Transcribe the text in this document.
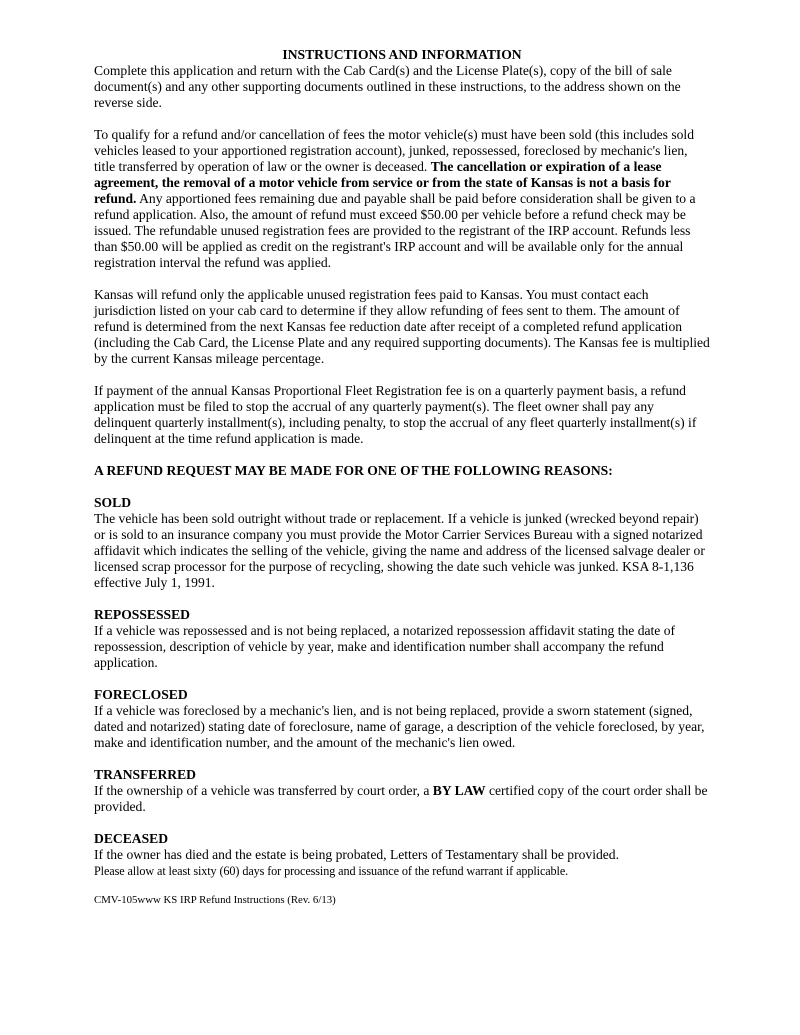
INSTRUCTIONS AND INFORMATION

Complete this application and return with the Cab Card(s) and the License Plate(s), copy of the bill of sale document(s) and any other supporting documents outlined in these instructions, to the address shown on the reverse side.

To qualify for a refund and/or cancellation of fees the motor vehicle(s) must have been sold (this includes sold vehicles leased to your apportioned registration account), junked, repossessed, foreclosed by mechanic's lien, title transferred by operation of law or the owner is deceased. The cancellation or expiration of a lease agreement, the removal of a motor vehicle from service or from the state of Kansas is not a basis for refund. Any apportioned fees remaining due and payable shall be paid before consideration shall be given to a refund application. Also, the amount of refund must exceed $50.00 per vehicle before a refund check may be issued. The refundable unused registration fees are provided to the registrant of the IRP account. Refunds less than $50.00 will be applied as credit on the registrant's IRP account and will be available only for the annual registration interval the refund was applied.

Kansas will refund only the applicable unused registration fees paid to Kansas. You must contact each jurisdiction listed on your cab card to determine if they allow refunding of fees sent to them. The amount of refund is determined from the next Kansas fee reduction date after receipt of a completed refund application (including the Cab Card, the License Plate and any required supporting documents). The Kansas fee is multiplied by the current Kansas mileage percentage.

If payment of the annual Kansas Proportional Fleet Registration fee is on a quarterly payment basis, a refund application must be filed to stop the accrual of any quarterly payment(s). The fleet owner shall pay any delinquent quarterly installment(s), including penalty, to stop the accrual of any fleet quarterly installment(s) if delinquent at the time refund application is made.

A REFUND REQUEST MAY BE MADE FOR ONE OF THE FOLLOWING REASONS:

SOLD
The vehicle has been sold outright without trade or replacement. If a vehicle is junked (wrecked beyond repair) or is sold to an insurance company you must provide the Motor Carrier Services Bureau with a signed notarized affidavit which indicates the selling of the vehicle, giving the name and address of the licensed salvage dealer or licensed scrap processor for the purpose of recycling, showing the date such vehicle was junked. KSA 8-1,136 effective July 1, 1991.
REPOSSESSED
If a vehicle was repossessed and is not being replaced, a notarized repossession affidavit stating the date of repossession, description of vehicle by year, make and identification number shall accompany the refund application.
FORECLOSED
If a vehicle was foreclosed by a mechanic's lien, and is not being replaced, provide a sworn statement (signed, dated and notarized) stating date of foreclosure, name of garage, a description of the vehicle foreclosed, by year, make and identification number, and the amount of the mechanic's lien owed.
TRANSFERRED
If the ownership of a vehicle was transferred by court order, a BY LAW certified copy of the court order shall be provided.
DECEASED
If the owner has died and the estate is being probated, Letters of Testamentary shall be provided.
Please allow at least sixty (60) days for processing and issuance of the refund warrant if applicable.
CMV-105www KS IRP Refund Instructions (Rev. 6/13)
